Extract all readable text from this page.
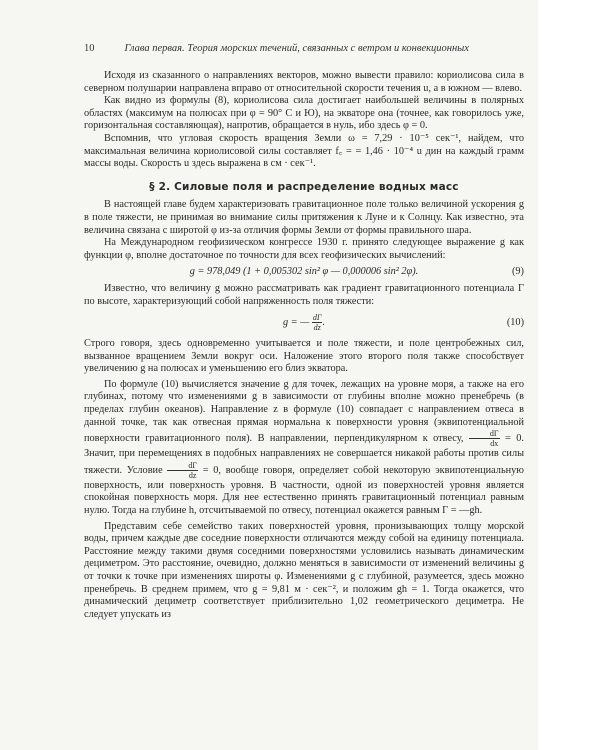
10	Глава первая. Теория морских течений, связанных с ветром и конвекционных

Исходя из сказанного о направлениях векторов, можно вывести правило: кориолисова сила в северном полушарии направлена вправо от относительной скорости течения u, а в южном — влево.

Как видно из формулы (8), кориолисова сила достигает наибольшей величины в полярных областях (максимум на полюсах при φ = 90° С и Ю), на экваторе она (точнее, как говорилось уже, горизонтальная составляющая), напротив, обращается в нуль, ибо здесь φ = 0.

Вспомнив, что угловая скорость вращения Земли ω = 7,29 · 10⁻⁵ сек⁻¹, найдем, что максимальная величина кориолисовой силы составляет f꜀ = = 1,46 · 10⁻⁴ u дин на каждый грамм массы воды. Скорость u здесь выражена в см · сек⁻¹.

§ 2. Силовые поля и распределение водных масс

В настоящей главе будем характеризовать гравитационное поле только величиной ускорения g в поле тяжести, не принимая во внимание силы притяжения к Луне и к Солнцу. Как известно, эта величина связана с широтой φ из-за отличия формы Земли от формы правильного шара.

На Международном геофизическом конгрессе 1930 г. принято следующее выражение g как функции φ, вполне достаточное по точности для всех геофизических вычислений:

g = 978,049 (1 + 0,005302 sin² φ — 0,000006 sin² 2φ).	(9)

Известно, что величину g можно рассматривать как градиент гравитационного потенциала Γ по высоте, характеризующий собой напряженность поля тяжести:

g = — $\frac{d\Gamma}{dz}$ .	(10)

Строго говоря, здесь одновременно учитывается и поле тяжести, и поле центробежных сил, вызванное вращением Земли вокруг оси. Наложение этого второго поля также способствует увеличению g на полюсах и уменьшению его близ экватора.

По формуле (10) вычисляется значение g для точек, лежащих на уровне моря, а также на его глубинах, потому что изменениями g в зависимости от глубины вполне можно пренебречь (в пределах глубин океанов). Направление z в формуле (10) совпадает с направлением отвеса в данной точке, так как отвесная прямая нормальна к поверхности уровня (эквипотенциальной поверхности гравитационного поля). В направлении, перпендикулярном к отвесу, $\frac{d\Gamma}{dx} = 0$. Значит, при перемещениях в подобных направлениях не совершается никакой работы против силы тяжести. Условие $\frac{d\Gamma}{dz} = 0$, вообще говоря, определяет собой некоторую эквипотенциальную поверхность, или поверхность уровня. В частности, одной из поверхностей уровня является спокойная поверхность моря. Для нее естественно принять гравитационный потенциал равным нулю. Тогда на глубине h, отсчитываемой по отвесу, потенциал окажется равным Γ = —gh.

Представим себе семейство таких поверхностей уровня, пронизывающих толщу морской воды, причем каждые две соседние поверхности отличаются между собой на единицу потенциала. Расстояние между такими двумя соседними поверхностями условились называть динамическим дециметром. Это расстояние, очевидно, должно меняться в зависимости от изменений величины g от точки к точке при изменениях широты φ. Изменениями g с глубиной, разумеется, здесь можно пренебречь. В среднем примем, что g = 9,81 м · сек⁻², и положим gh = 1. Тогда окажется, что динамический дециметр соответствует приблизительно 1,02 геометрического дециметра. Не следует упускать из
